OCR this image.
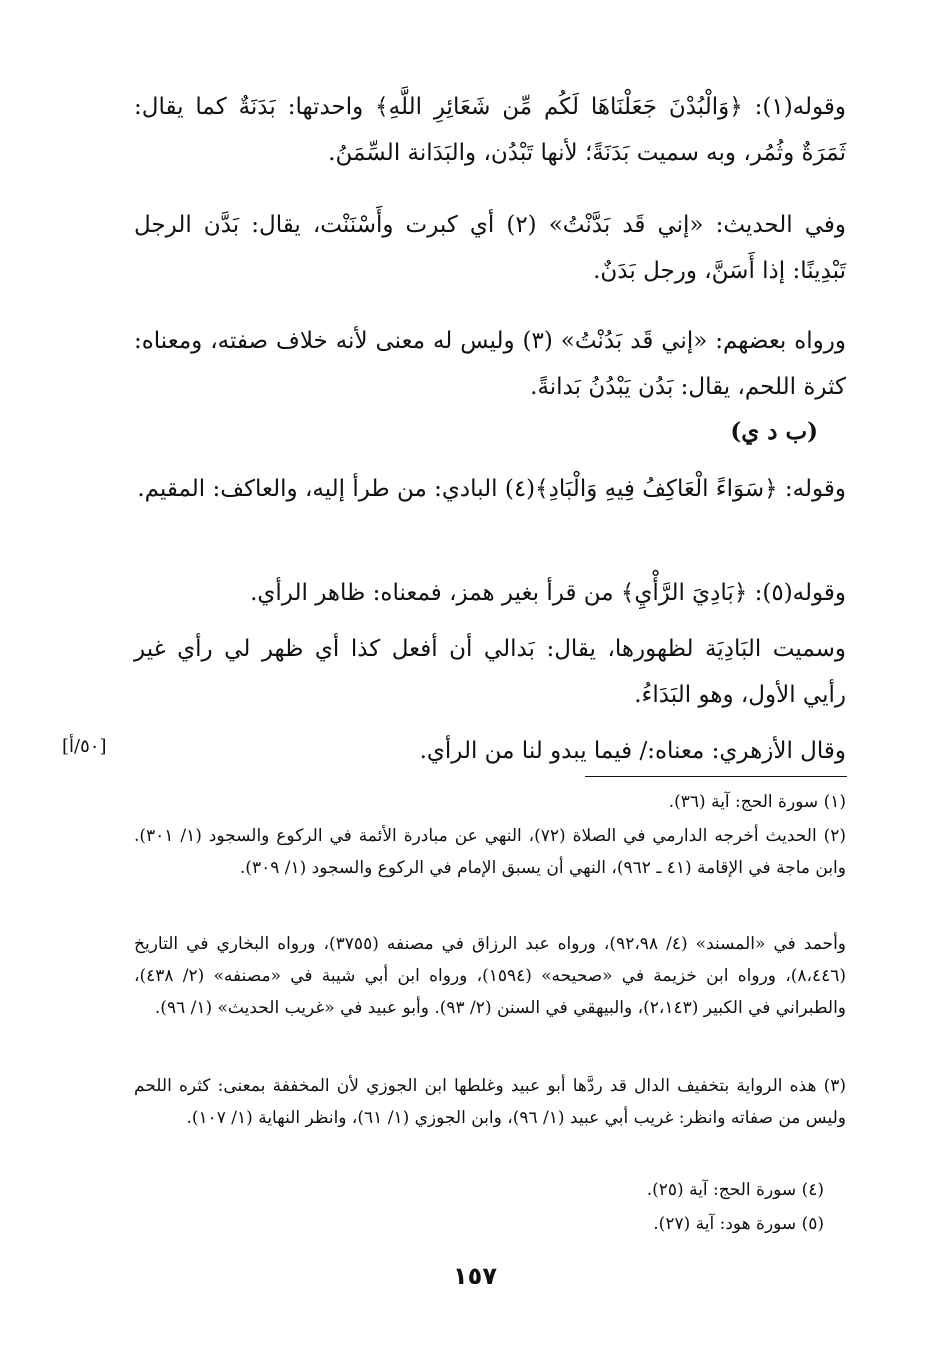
وقوله(١): ﴿وَالْبُدْنَ جَعَلْنَاهَا لَكُم مِّن شَعَائِرِ اللَّهِ﴾ واحدتها: بَدَنَةٌ كما يقال: ثَمَرَةٌ وثُمُر، وبه سميت بَدَنَةً؛ لأنها تَبْدُن، والبَدَانة السِّمَنُ.

وفي الحديث: «إني قَد بَدَّنْتُ» (٢) أي كبرت وأَسْنَنْت، يقال: بَدَّن الرجل تَبْدِينًا: إذا أَسَنَّ، ورجل بَدَنٌ.

ورواه بعضهم: «إني قَد بَدُنْتُ» (٣) وليس له معنى لأنه خلاف صفته، ومعناه: كثرة اللحم، يقال: بَدُن يَبْدُنُ بَدانةً.

(ب د ي)

وقوله: ﴿سَوَاءً الْعَاكِفُ فِيهِ وَالْبَادِ﴾(٤) البادي: من طرأ إليه، والعاكف: المقيم.

وقوله(٥): ﴿بَادِيَ الرَّأْيِ﴾ من قرأ بغير همز، فمعناه: ظاهر الرأي.

وسميت البَادِيَة لظهورها، يقال: بَدالي أن أفعل كذا أي ظهر لي رأي غير رأيي الأول، وهو البَدَاءُ.

وقال الأزهري: معناه:/ فيما يبدو لنا من الرأي.

[٥٠/أ]

(١) سورة الحج: آية (٣٦).

(٢) الحديث أخرجه الدارمي في الصلاة (٧٢)، النهي عن مبادرة الأئمة في الركوع والسجود (١/ ٣٠١). وابن ماجة في الإقامة (٤١ ـ ٩٦٢)، النهي أن يسبق الإمام في الركوع والسجود (١/ ٣٠٩).

وأحمد في «المسند» (٤/ ٩٢،٩٨)، ورواه عبد الرزاق في مصنفه (٣٧٥٥)، ورواه البخاري في التاريخ (٨،٤٤٦)، ورواه ابن خزيمة في «صحيحه» (١٥٩٤)، ورواه ابن أبي شيبة في «مصنفه» (٢/ ٤٣٨)، والطبراني في الكبير (٢،١٤٣)، والبيهقي في السنن (٢/ ٩٣). وأبو عبيد في «غريب الحديث» (١/ ٩٦).

(٣) هذه الرواية بتخفيف الدال قد ردَّها أبو عبيد وغلطها ابن الجوزي لأن المخففة بمعنى: كثره اللحم وليس من صفاته وانظر: غريب أبي عبيد (١/ ٩٦)، وابن الجوزي (١/ ٦١)، وانظر النهاية (١/ ١٠٧).

(٤) سورة الحج: آية (٢٥).

(٥) سورة هود: آية (٢٧).

١٥٧
